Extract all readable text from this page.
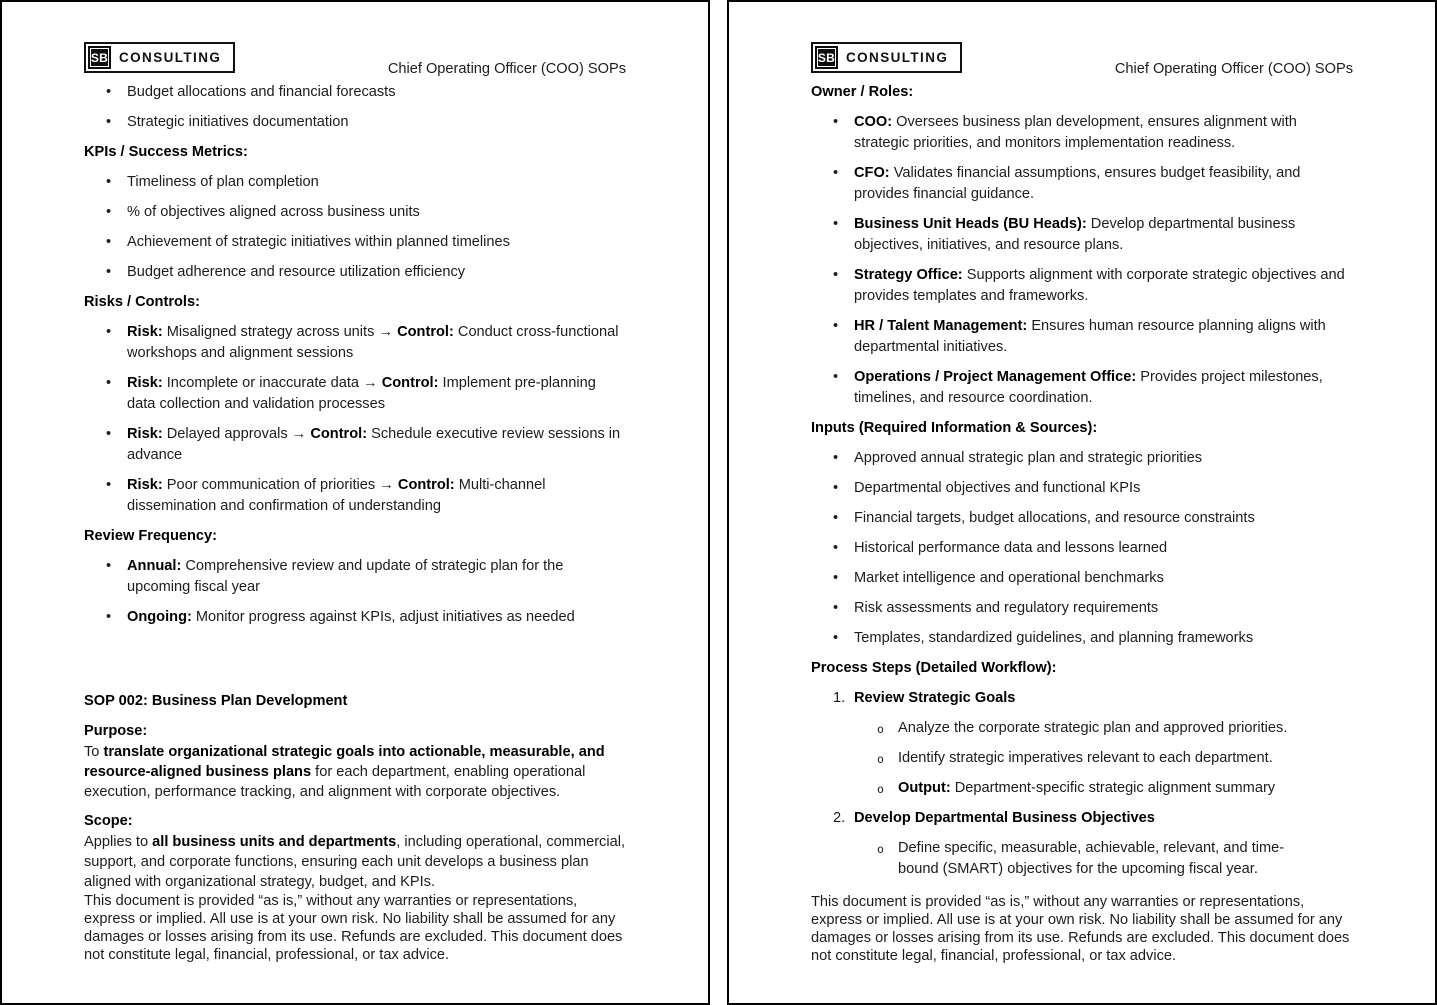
SB CONSULTING
Chief Operating Officer (COO) SOPs
• Budget allocations and financial forecasts
• Strategic initiatives documentation
KPIs / Success Metrics:
• Timeliness of plan completion
• % of objectives aligned across business units
• Achievement of strategic initiatives within planned timelines
• Budget adherence and resource utilization efficiency
Risks / Controls:
• Risk: Misaligned strategy across units → Control: Conduct cross-functional workshops and alignment sessions
• Risk: Incomplete or inaccurate data → Control: Implement pre-planning data collection and validation processes
• Risk: Delayed approvals → Control: Schedule executive review sessions in advance
• Risk: Poor communication of priorities → Control: Multi-channel dissemination and confirmation of understanding
Review Frequency:
• Annual: Comprehensive review and update of strategic plan for the upcoming fiscal year
• Ongoing: Monitor progress against KPIs, adjust initiatives as needed
SOP 002: Business Plan Development
Purpose:
To translate organizational strategic goals into actionable, measurable, and resource-aligned business plans for each department, enabling operational execution, performance tracking, and alignment with corporate objectives.
Scope:
Applies to all business units and departments, including operational, commercial, support, and corporate functions, ensuring each unit develops a business plan aligned with organizational strategy, budget, and KPIs.
This document is provided “as is,” without any warranties or representations, express or implied. All use is at your own risk. No liability shall be assumed for any damages or losses arising from its use. Refunds are excluded. This document does not constitute legal, financial, professional, or tax advice.
SB CONSULTING
Chief Operating Officer (COO) SOPs
Owner / Roles:
• COO: Oversees business plan development, ensures alignment with strategic priorities, and monitors implementation readiness.
• CFO: Validates financial assumptions, ensures budget feasibility, and provides financial guidance.
• Business Unit Heads (BU Heads): Develop departmental business objectives, initiatives, and resource plans.
• Strategy Office: Supports alignment with corporate strategic objectives and provides templates and frameworks.
• HR / Talent Management: Ensures human resource planning aligns with departmental initiatives.
• Operations / Project Management Office: Provides project milestones, timelines, and resource coordination.
Inputs (Required Information & Sources):
• Approved annual strategic plan and strategic priorities
• Departmental objectives and functional KPIs
• Financial targets, budget allocations, and resource constraints
• Historical performance data and lessons learned
• Market intelligence and operational benchmarks
• Risk assessments and regulatory requirements
• Templates, standardized guidelines, and planning frameworks
Process Steps (Detailed Workflow):
1. Review Strategic Goals
o Analyze the corporate strategic plan and approved priorities.
o Identify strategic imperatives relevant to each department.
o Output: Department-specific strategic alignment summary
2. Develop Departmental Business Objectives
o Define specific, measurable, achievable, relevant, and time-bound (SMART) objectives for the upcoming fiscal year.
This document is provided “as is,” without any warranties or representations, express or implied. All use is at your own risk. No liability shall be assumed for any damages or losses arising from its use. Refunds are excluded. This document does not constitute legal, financial, professional, or tax advice.
